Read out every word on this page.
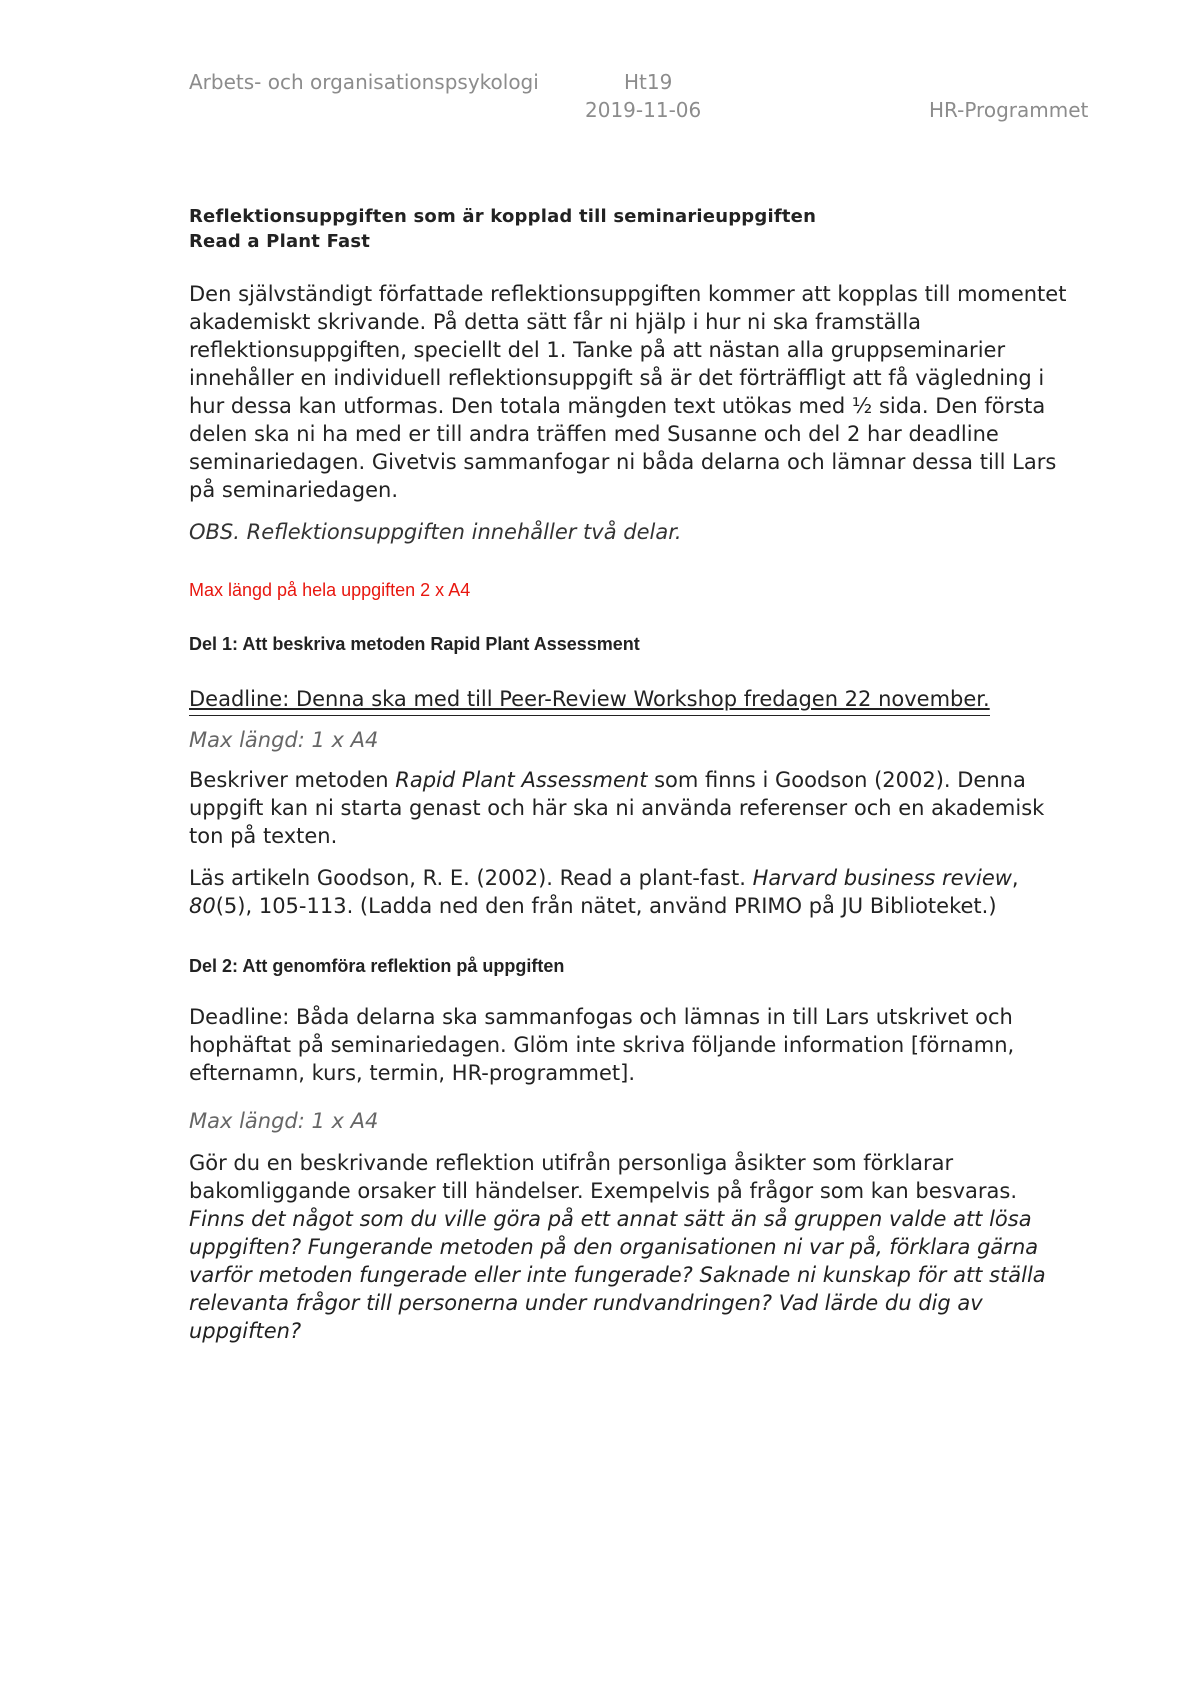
Arbets- och organisationspsykologi	Ht19
2019-11-06	HR-Programmet

Reflektionsuppgiften som är kopplad till seminarieuppgiften

Read a Plant Fast

Den självständigt författade reflektionsuppgiften kommer att kopplas till momentet akademiskt skrivande. På detta sätt får ni hjälp i hur ni ska framställa reflektionsuppgiften, speciellt del 1. Tanke på att nästan alla gruppseminarier innehåller en individuell reflektionsuppgift så är det förträffligt att få vägledning i hur dessa kan utformas. Den totala mängden text utökas med ½ sida. Den första delen ska ni ha med er till andra träffen med Susanne och del 2 har deadline seminariedagen. Givetvis sammanfogar ni båda delarna och lämnar dessa till Lars på seminariedagen.

OBS. Reflektionsuppgiften innehåller två delar.

Max längd på hela uppgiften 2 x A4

Del 1: Att beskriva metoden Rapid Plant Assessment

Deadline: Denna ska med till Peer-Review Workshop fredagen 22 november.

Max längd: 1 x A4

Beskriver metoden Rapid Plant Assessment som finns i Goodson (2002). Denna uppgift kan ni starta genast och här ska ni använda referenser och en akademisk ton på texten.

Läs artikeln Goodson, R. E. (2002). Read a plant-fast. Harvard business review, 80(5), 105-113. (Ladda ned den från nätet, använd PRIMO på JU Biblioteket.)

Del 2: Att genomföra reflektion på uppgiften

Deadline: Båda delarna ska sammanfogas och lämnas in till Lars utskrivet och hophäftat på seminariedagen. Glöm inte skriva följande information [förnamn, efternamn, kurs, termin, HR-programmet].

Max längd: 1 x A4

Gör du en beskrivande reflektion utifrån personliga åsikter som förklarar bakomliggande orsaker till händelser. Exempelvis på frågor som kan besvaras. Finns det något som du ville göra på ett annat sätt än så gruppen valde att lösa uppgiften? Fungerande metoden på den organisationen ni var på, förklara gärna varför metoden fungerade eller inte fungerade? Saknade ni kunskap för att ställa relevanta frågor till personerna under rundvandringen? Vad lärde du dig av uppgiften?
